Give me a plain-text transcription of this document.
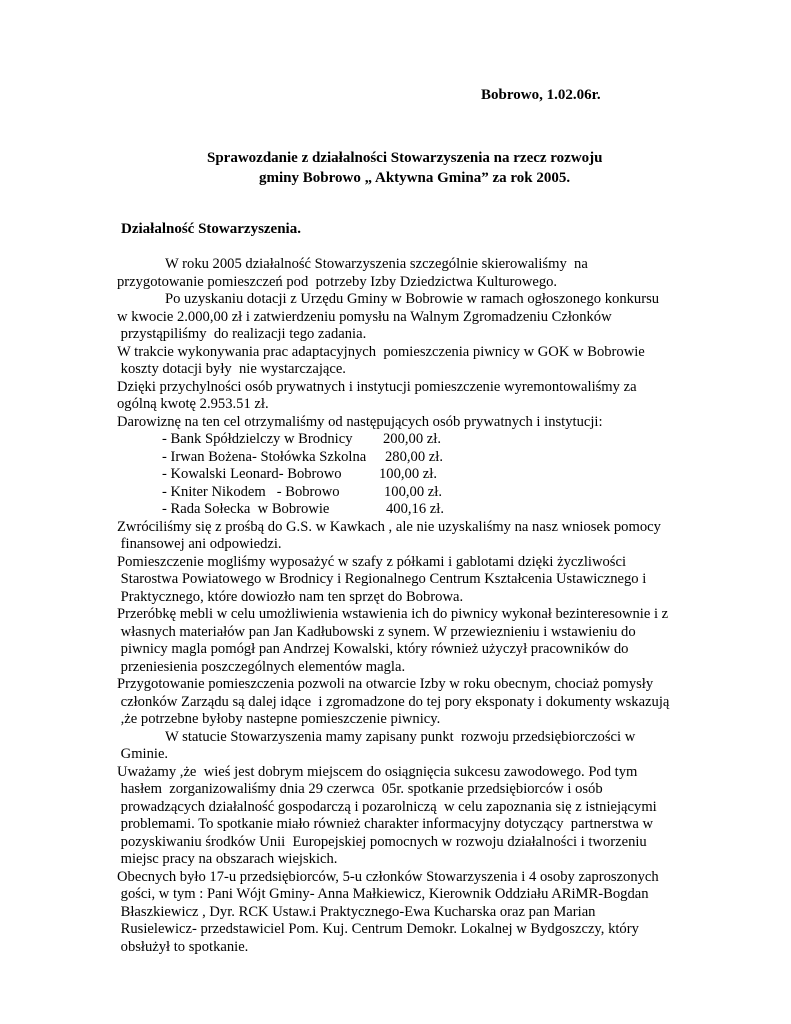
Bobrowo, 1.02.06r.
Sprawozdanie z działalności Stowarzyszenia na rzecz rozwoju
gminy Bobrowo „ Aktywna Gmina” za rok 2005.
Działalność Stowarzyszenia.
W roku 2005 działalność Stowarzyszenia szczególnie skierowaliśmy  na
przygotowanie pomieszczeń pod  potrzeby Izby Dziedzictwa Kulturowego.
Po uzyskaniu dotacji z Urzędu Gminy w Bobrowie w ramach ogłoszonego konkursu
w kwocie 2.000,00 zł i zatwierdzeniu pomysłu na Walnym Zgromadzeniu Członków
przystąpiliśmy  do realizacji tego zadania.
W trakcie wykonywania prac adaptacyjnych  pomieszczenia piwnicy w GOK w Bobrowie
koszty dotacji były  nie wystarczające.
Dzięki przychylności osób prywatnych i instytucji pomieszczenie wyremontowaliśmy za
ogólną kwotę 2.953.51 zł.
Darowiznę na ten cel otrzymaliśmy od następujących osób prywatnych i instytucji:
- Bank Spółdzielczy w Brodnicy 200,00 zł.
- Irwan Bożena- Stołówka Szkolna 280,00 zł.
- Kowalski Leonard- Bobrowo	100,00 zł.
- Kniter Nikodem   - Bobrowo	100,00 zł.
- Rada Sołecka  w Bobrowie	400,16 zł.
Zwróciliśmy się z prośbą do G.S. w Kawkach , ale nie uzyskaliśmy na nasz wniosek pomocy
finansowej ani odpowiedzi.
Pomieszczenie mogliśmy wyposażyć w szafy z półkami i gablotami dzięki życzliwości
Starostwa Powiatowego w Brodnicy i Regionalnego Centrum Kształcenia Ustawicznego i
Praktycznego, które dowiozło nam ten sprzęt do Bobrowa.
Przeróbkę mebli w celu umożliwienia wstawienia ich do piwnicy wykonał bezinteresownie i z
własnych materiałów pan Jan Kadłubowski z synem. W przewieznieniu i wstawieniu do
piwnicy magla pomógł pan Andrzej Kowalski, który również użyczył pracowników do
przeniesienia poszczególnych elementów magla.
Przygotowanie pomieszczenia pozwoli na otwarcie Izby w roku obecnym, chociaż pomysły
członków Zarządu są dalej idące  i zgromadzone do tej pory eksponaty i dokumenty wskazują
,że potrzebne byłoby nastepne pomieszczenie piwnicy.
W statucie Stowarzyszenia mamy zapisany punkt  rozwoju przedsiębiorczości w
Gminie.
Uważamy ,że  wieś jest dobrym miejscem do osiągnięcia sukcesu zawodowego. Pod tym
hasłem  zorganizowaliśmy dnia 29 czerwca  05r. spotkanie przedsiębiorców i osób
prowadzących działalność gospodarczą i pozarolniczą  w celu zapoznania się z istniejącymi
problemami. To spotkanie miało również charakter informacyjny dotyczący  partnerstwa w
pozyskiwaniu środków Unii  Europejskiej pomocnych w rozwoju działalności i tworzeniu
miejsc pracy na obszarach wiejskich.
Obecnych było 17-u przedsiębiorców, 5-u członków Stowarzyszenia i 4 osoby zaproszonych
gości, w tym : Pani Wójt Gminy- Anna Małkiewicz, Kierownik Oddziału ARiMR-Bogdan
Błaszkiewicz , Dyr. RCK Ustaw.i Praktycznego-Ewa Kucharska oraz pan Marian
Rusielewicz- przedstawiciel Pom. Kuj. Centrum Demokr. Lokalnej w Bydgoszczy, który
obsłużył to spotkanie.
